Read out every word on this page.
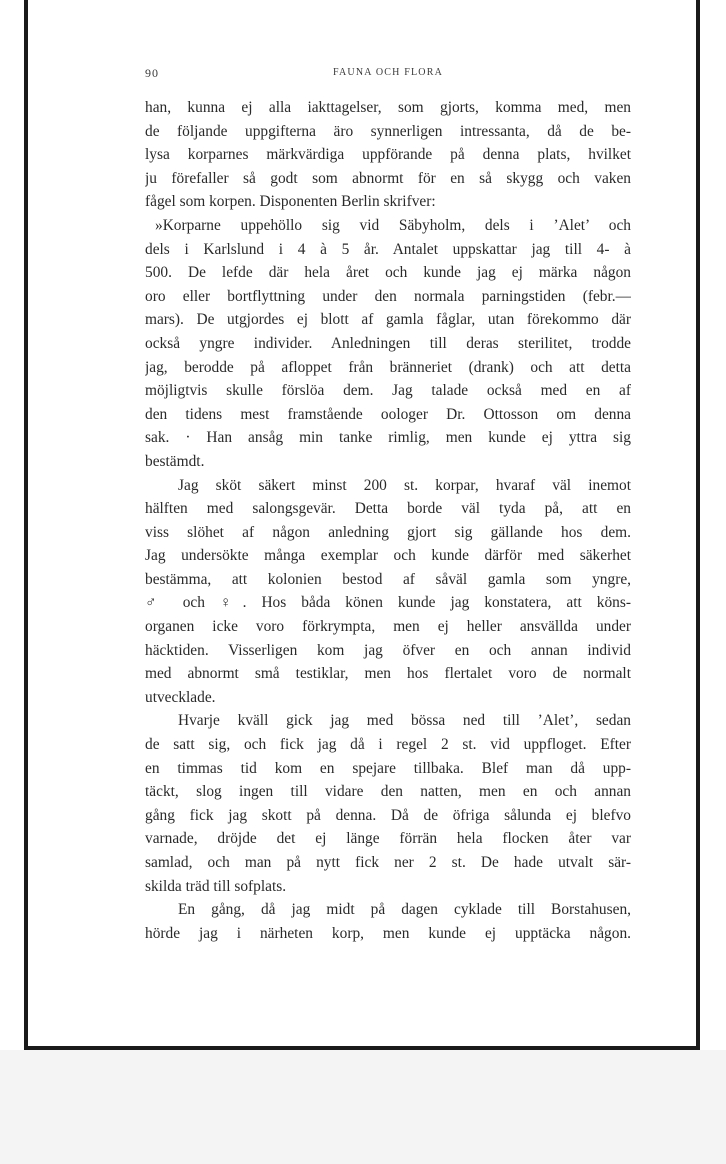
90	FAUNA OCH FLORA
han, kunna ej alla iakttagelser, som gjorts, komma med, men
de följande uppgifterna äro synnerligen intressanta, då de be-
lysa korparnes märkvärdiga uppförande på denna plats, hvilket
ju förefaller så godt som abnormt för en så skygg och vaken
fågel som korpen. Disponenten Berlin skrifver:
»Korparne uppehöllo sig vid Säbyholm, dels i ’Alet’ och
dels i Karlslund i 4 à 5 år. Antalet uppskattar jag till 4- à
500. De lefde där hela året och kunde jag ej märka någon
oro eller bortflyttning under den normala parningstiden (febr.—
mars). De utgjordes ej blott af gamla fåglar, utan förekommo där
också yngre individer. Anledningen till deras sterilitet, trodde
jag, berodde på afloppet från bränneriet (drank) och att detta
möjligtvis skulle förslöa dem. Jag talade också med en af
den tidens mest framstående oologer Dr. Ottosson om denna
sak. · Han ansåg min tanke rimlig, men kunde ej yttra sig
bestämdt.
Jag sköt säkert minst 200 st. korpar, hvaraf väl inemot
hälften med salongsgevär. Detta borde väl tyda på, att en
viss slöhet af någon anledning gjort sig gällande hos dem.
Jag undersökte många exemplar och kunde därför med säkerhet
bestämma, att kolonien bestod af såväl gamla som yngre,
♂ och ♀. Hos båda könen kunde jag konstatera, att köns-
organen icke voro förkrympta, men ej heller ansvällda under
häcktiden. Visserligen kom jag öfver en och annan individ
med abnormt små testiklar, men hos flertalet voro de normalt
utvecklade.
Hvarje kväll gick jag med bössa ned till ’Alet’, sedan
de satt sig, och fick jag då i regel 2 st. vid uppfloget. Efter
en timmas tid kom en spejare tillbaka. Blef man då upp-
täckt, slog ingen till vidare den natten, men en och annan
gång fick jag skott på denna. Då de öfriga sålunda ej blefvo
varnade, dröjde det ej länge förrän hela flocken åter var
samlad, och man på nytt fick ner 2 st. De hade utvalt sär-
skilda träd till sofplats.
En gång, då jag midt på dagen cyklade till Borstahusen,
hörde jag i närheten korp, men kunde ej upptäcka någon.
